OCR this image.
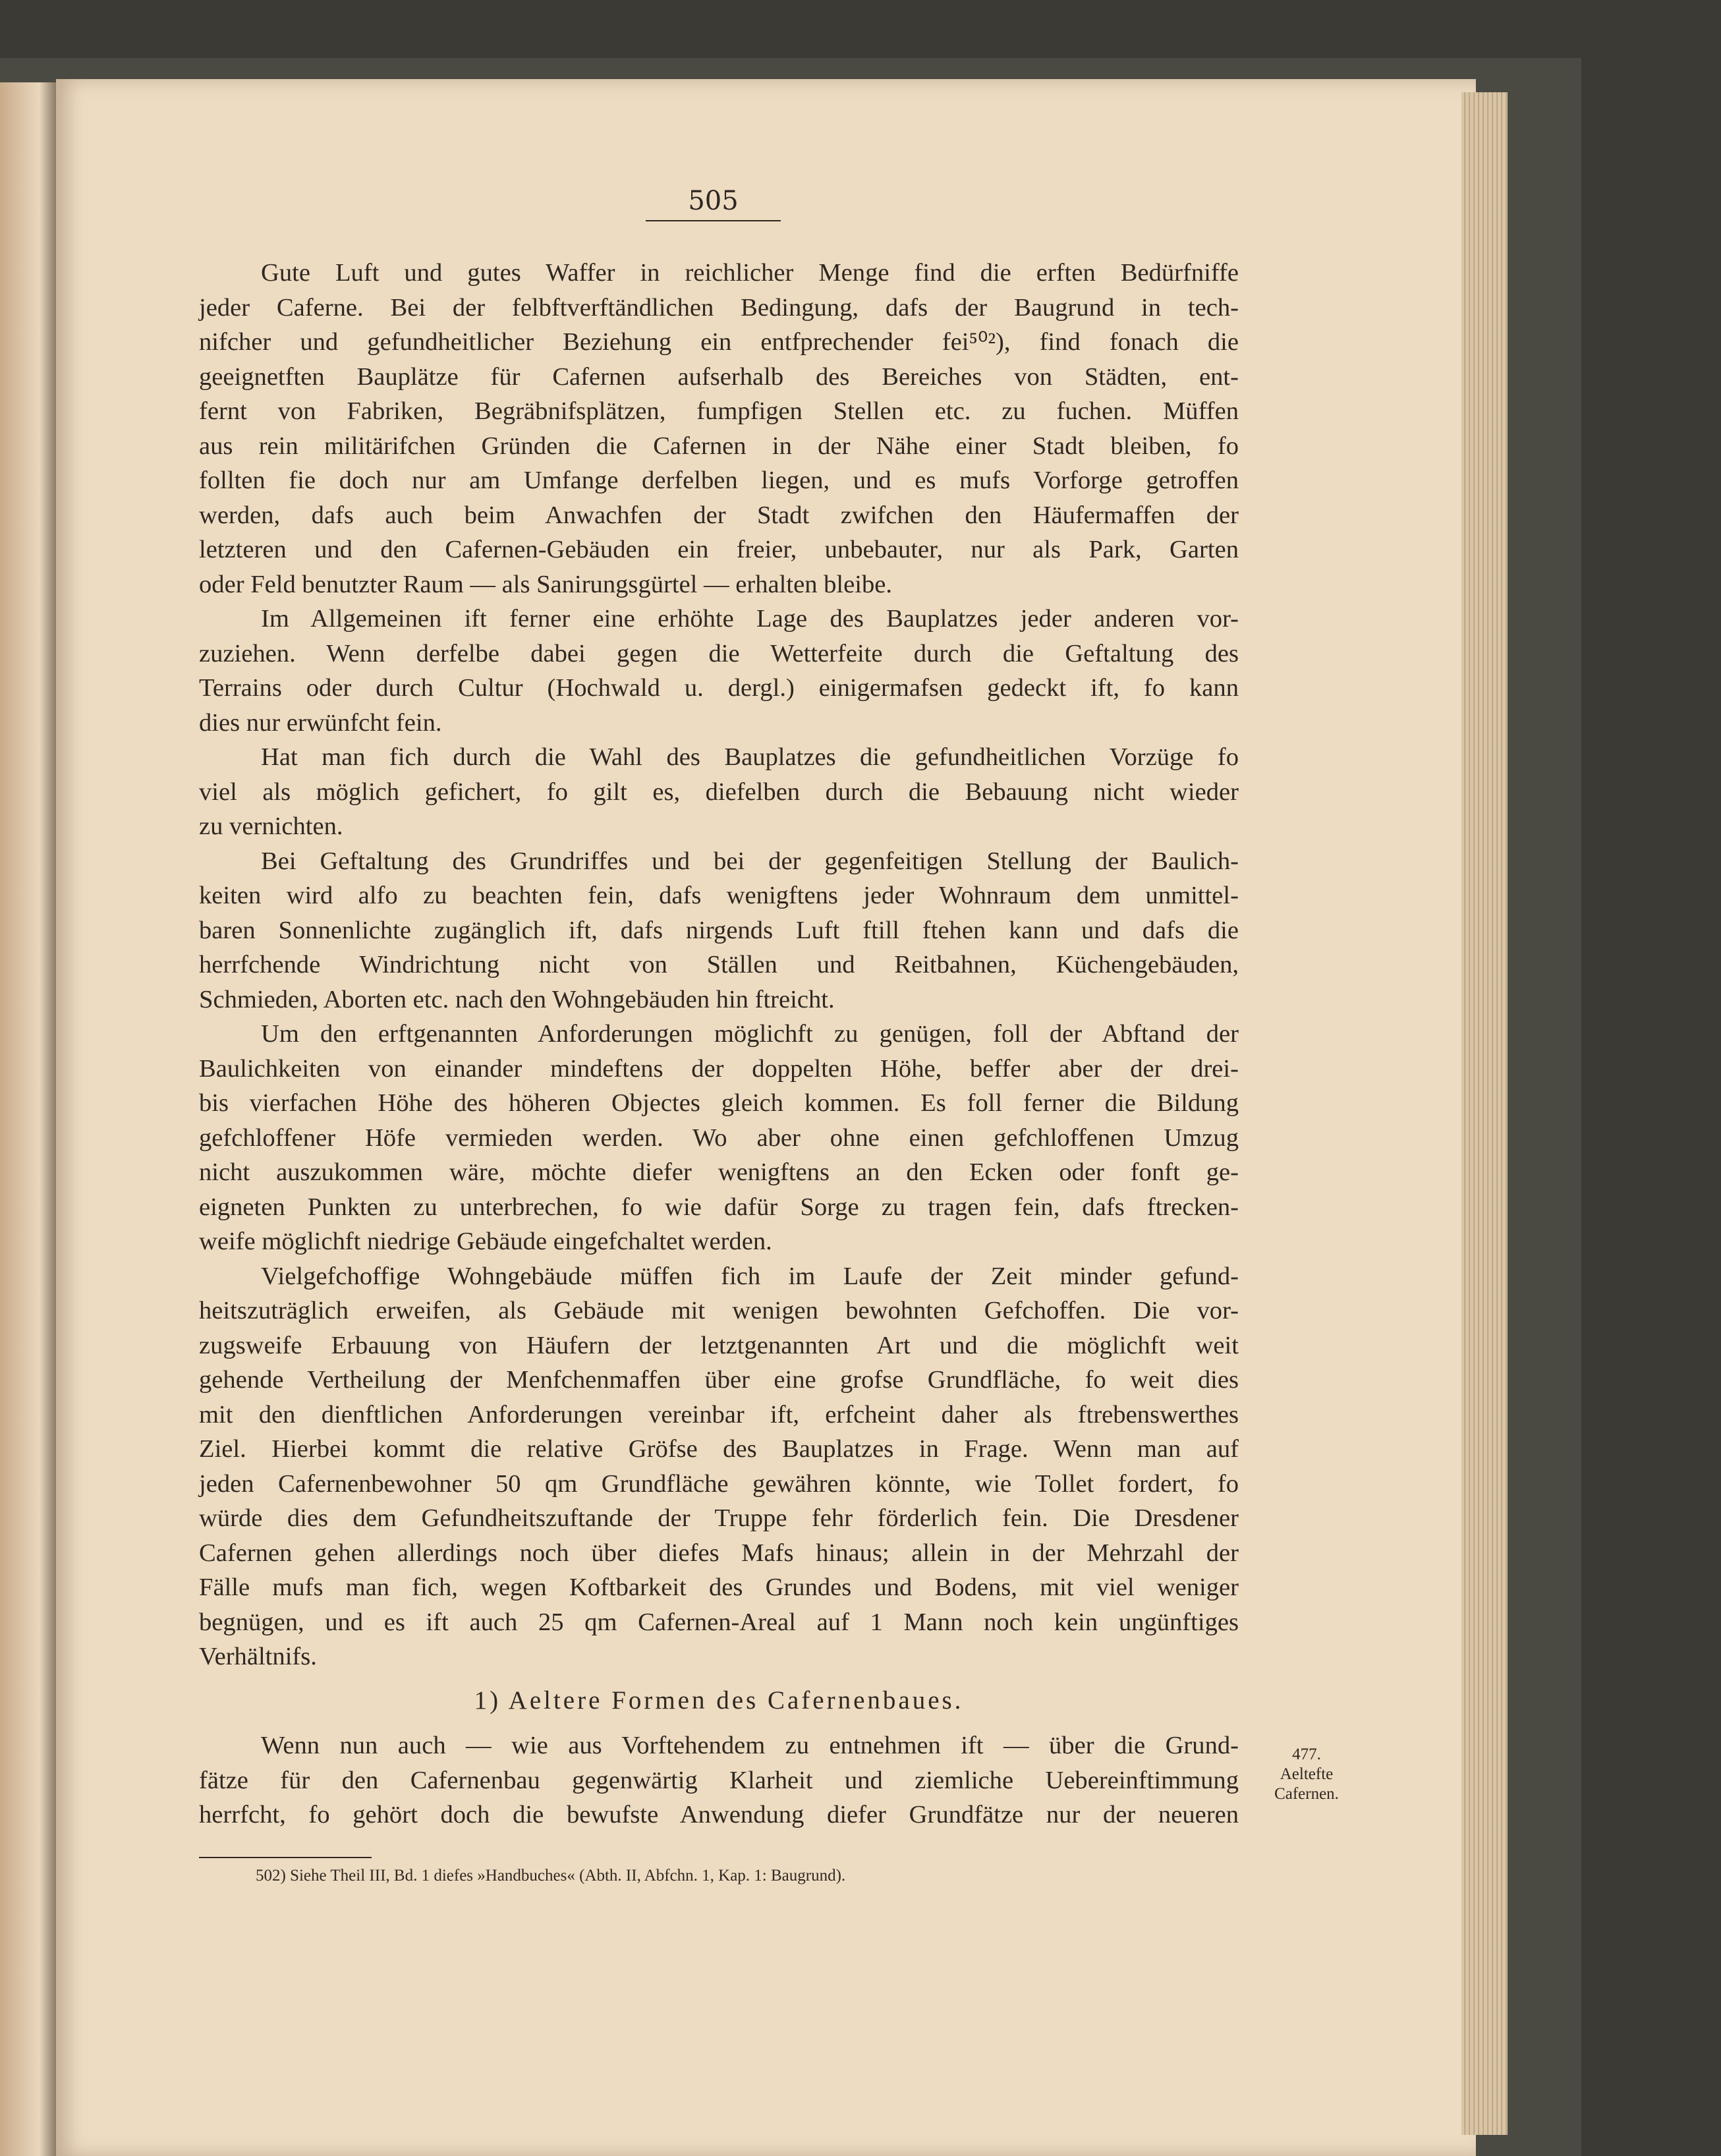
505
Gute Luft und gutes Waffer in reichlicher Menge find die erften Bedürfniffe
jeder Caferne. Bei der felbftverftändlichen Bedingung, dafs der Baugrund in tech-
nifcher und gefundheitlicher Beziehung ein entfprechender fei⁵⁰²), find fonach die
geeignetften Bauplätze für Cafernen aufserhalb des Bereiches von Städten, ent-
fernt von Fabriken, Begräbnifsplätzen, fumpfigen Stellen etc. zu fuchen. Müffen
aus rein militärifchen Gründen die Cafernen in der Nähe einer Stadt bleiben, fo
follten fie doch nur am Umfange derfelben liegen, und es mufs Vorforge getroffen
werden, dafs auch beim Anwachfen der Stadt zwifchen den Häufermaffen der
letzteren und den Cafernen-Gebäuden ein freier, unbebauter, nur als Park, Garten
oder Feld benutzter Raum — als Sanirungsgürtel — erhalten bleibe.
Im Allgemeinen ift ferner eine erhöhte Lage des Bauplatzes jeder anderen vor-
zuziehen. Wenn derfelbe dabei gegen die Wetterfeite durch die Geftaltung des
Terrains oder durch Cultur (Hochwald u. dergl.) einigermafsen gedeckt ift, fo kann
dies nur erwünfcht fein.
Hat man fich durch die Wahl des Bauplatzes die gefundheitlichen Vorzüge fo
viel als möglich gefichert, fo gilt es, diefelben durch die Bebauung nicht wieder
zu vernichten.
Bei Geftaltung des Grundriffes und bei der gegenfeitigen Stellung der Baulich-
keiten wird alfo zu beachten fein, dafs wenigftens jeder Wohnraum dem unmittel-
baren Sonnenlichte zugänglich ift, dafs nirgends Luft ftill ftehen kann und dafs die
herrfchende Windrichtung nicht von Ställen und Reitbahnen, Küchengebäuden,
Schmieden, Aborten etc. nach den Wohngebäuden hin ftreicht.
Um den erftgenannten Anforderungen möglichft zu genügen, foll der Abftand der
Baulichkeiten von einander mindeftens der doppelten Höhe, beffer aber der drei-
bis vierfachen Höhe des höheren Objectes gleich kommen. Es foll ferner die Bildung
gefchloffener Höfe vermieden werden. Wo aber ohne einen gefchloffenen Umzug
nicht auszukommen wäre, möchte diefer wenigftens an den Ecken oder fonft ge-
eigneten Punkten zu unterbrechen, fo wie dafür Sorge zu tragen fein, dafs ftrecken-
weife möglichft niedrige Gebäude eingefchaltet werden.
Vielgefchoffige Wohngebäude müffen fich im Laufe der Zeit minder gefund-
heitszuträglich erweifen, als Gebäude mit wenigen bewohnten Gefchoffen. Die vor-
zugsweife Erbauung von Häufern der letztgenannten Art und die möglichft weit
gehende Vertheilung der Menfchenmaffen über eine grofse Grundfläche, fo weit dies
mit den dienftlichen Anforderungen vereinbar ift, erfcheint daher als ftrebenswerthes
Ziel. Hierbei kommt die relative Gröfse des Bauplatzes in Frage. Wenn man auf
jeden Cafernenbewohner 50 qm Grundfläche gewähren könnte, wie Tollet fordert, fo
würde dies dem Gefundheitszuftande der Truppe fehr förderlich fein. Die Dresdener
Cafernen gehen allerdings noch über diefes Mafs hinaus; allein in der Mehrzahl der
Fälle mufs man fich, wegen Koftbarkeit des Grundes und Bodens, mit viel weniger
begnügen, und es ift auch 25 qm Cafernen-Areal auf 1 Mann noch kein ungünftiges
Verhältnifs.
1) Aeltere Formen des Cafernenbaues.
Wenn nun auch — wie aus Vorftehendem zu entnehmen ift — über die Grund-
fätze für den Cafernenbau gegenwärtig Klarheit und ziemliche Uebereinftimmung
herrfcht, fo gehört doch die bewufste Anwendung diefer Grundfätze nur der neueren
477.
Aeltefte
Cafernen.
502) Siehe Theil III, Bd. 1 diefes »Handbuches« (Abth. II, Abfchn. 1, Kap. 1: Baugrund).
